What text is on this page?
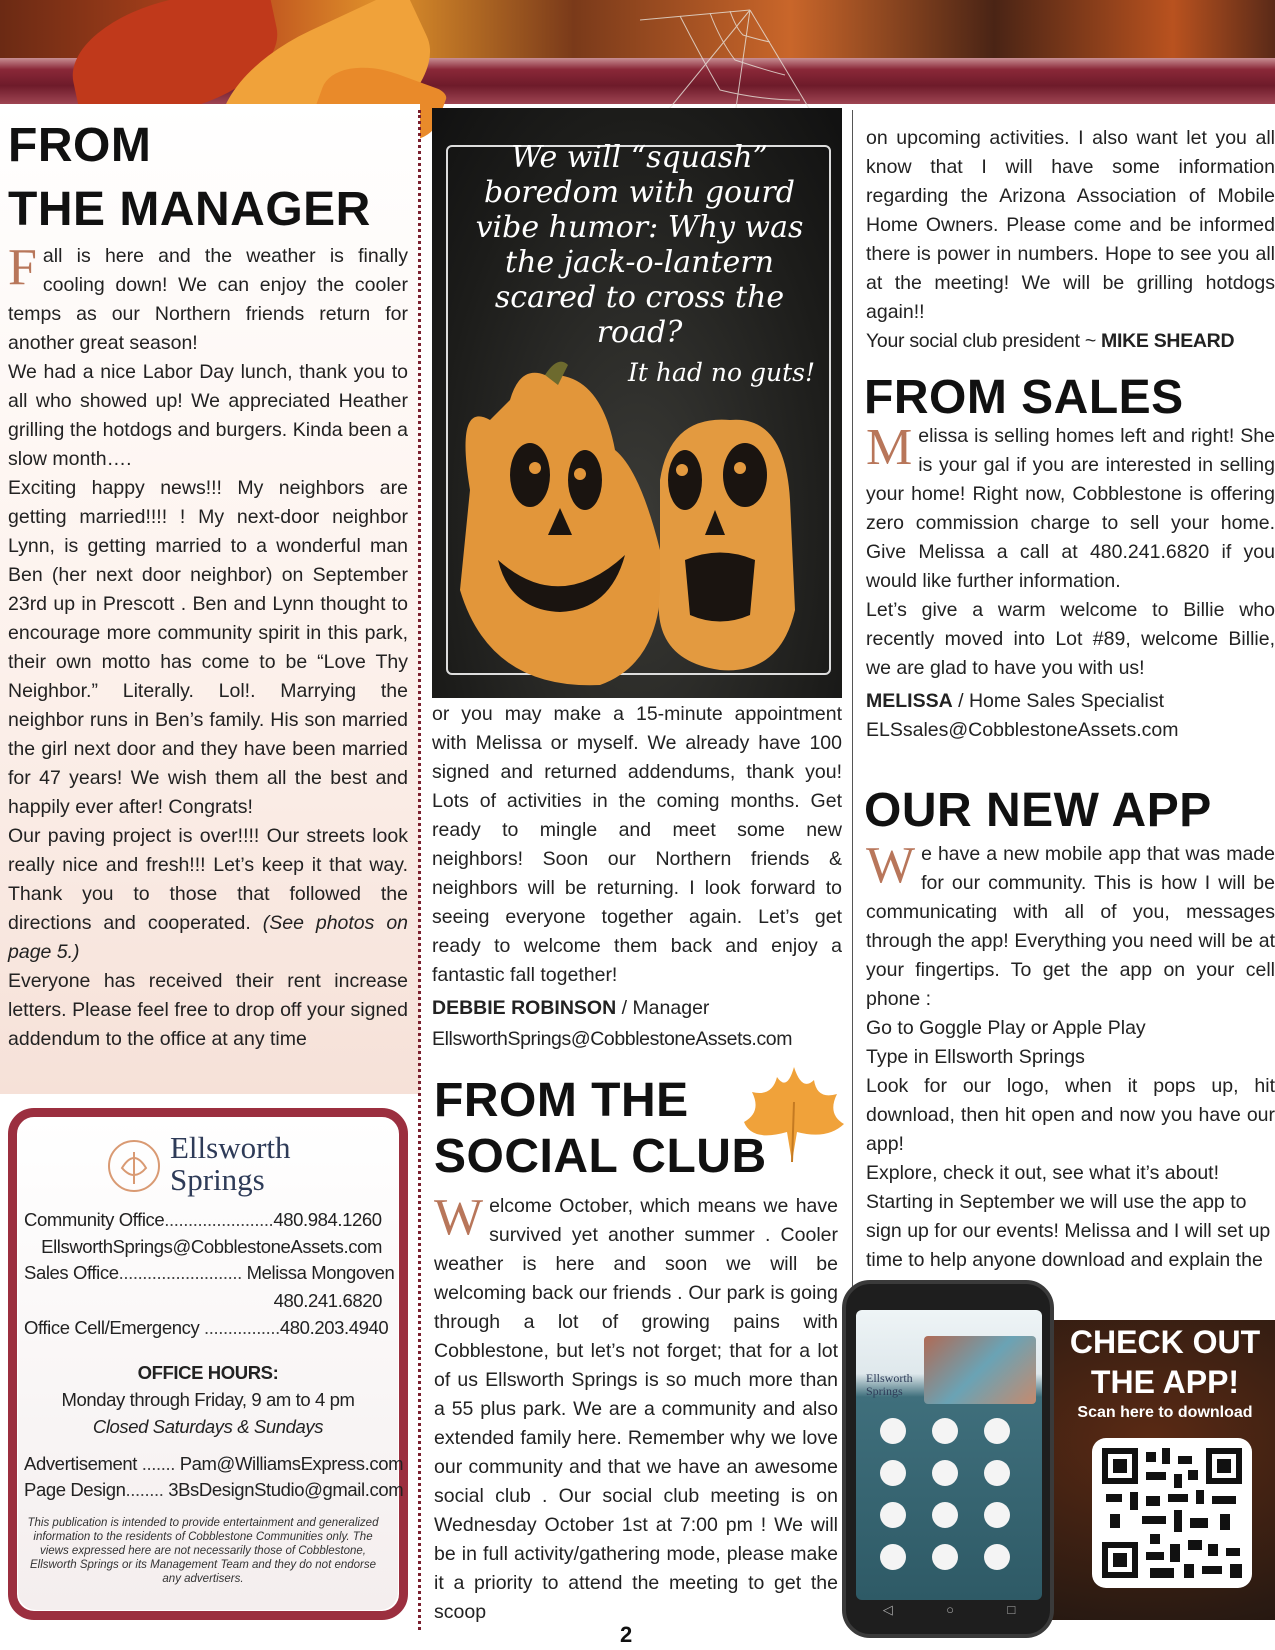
FROM
THE MANAGER

Fall is here and the weather is finally cooling down! We can enjoy the cooler temps as our Northern friends return for another great season!

We had a nice Labor Day lunch, thank you to all who showed up! We appreciated Heather grilling the hotdogs and burgers. Kinda been a slow month….

Exciting happy news!!! My neighbors are getting married!!!! ! My next-door neighbor Lynn, is getting married to a wonderful man Ben (her next door neighbor) on September 23rd up in Prescott . Ben and Lynn thought to encourage more community spirit in this park, their own motto has come to be “Love Thy Neighbor.” Literally. Lol!. Marrying the neighbor runs in Ben’s family. His son married the girl next door and they have been married for 47 years! We wish them all the best and happily ever after! Congrats!

Our paving project is over!!!! Our streets look really nice and fresh!!! Let’s keep it that way. Thank you to those that followed the directions and cooperated. (See photos on page 5.)

Everyone has received their rent increase letters. Please feel free to drop off your signed addendum to the office at any time

We will “squash” boredom with gourd vibe humor: Why was the jack-o-lantern scared to cross the road?
It had no guts!

or you may make a 15-minute appointment with Melissa or myself. We already have 100 signed and returned addendums, thank you! Lots of activities in the coming months. Get ready to mingle and meet some new neighbors! Soon our Northern friends & neighbors will be returning. I look forward to seeing everyone together again. Let’s get ready to welcome them back and enjoy a fantastic fall together!

DEBBIE ROBINSON / Manager

EllsworthSprings@CobblestoneAssets.com

Ellsworth
Springs
Community Office.......................480.984.1260
EllsworthSprings@CobblestoneAssets.com
Sales Office.......................... Melissa Mongoven
480.241.6820
Office Cell/Emergency ................480.203.4940
OFFICE HOURS:
Monday through Friday, 9 am to 4 pm
Closed Saturdays & Sundays
Advertisement ....... Pam@WilliamsExpress.com
Page Design........ 3BsDesignStudio@gmail.com
This publication is intended to provide entertainment and generalized information to the residents of Cobblestone Communities only. The views expressed here are not necessarily those of Cobblestone, Ellsworth Springs or its Management Team and they do not endorse any advertisers.
FROM THE
SOCIAL CLUB

Welcome October, which means we have survived yet another summer . Cooler weather is here and soon we will be welcoming back our friends . Our park is going through a lot of growing pains with Cobblestone, but let’s not forget; that for a lot of us Ellsworth Springs is so much more than a 55 plus park. We are a community and also extended family here. Remember why we love our community and that we have an awesome social club . Our social club meeting is on Wednesday October 1st at 7:00 pm ! We will be in full activity/gathering mode, please make it a priority to attend the meeting to get the scoop

on upcoming activities. I also want let you all know that I will have some information regarding the Arizona Association of Mobile Home Owners. Please come and be informed there is power in numbers. Hope to see you all at the meeting! We will be grilling hotdogs again!!

Your social club president ~ MIKE SHEARD

FROM SALES

Melissa is selling homes left and right! She is your gal if you are interested in selling your home! Right now, Cobblestone is offering zero commission charge to sell your home. Give Melissa a call at 480.241.6820 if you would like further information.

Let’s give a warm welcome to Billie who recently moved into Lot #89, welcome Billie, we are glad to have you with us!

MELISSA / Home Sales Specialist

ELSsales@CobblestoneAssets.com

OUR NEW APP

We have a new mobile app that was made for our community. This is how I will be communicating with all of you, messages through the app! Everything you need will be at your fingertips. To get the app on your cell phone :

Go to Goggle Play or Apple Play

Type in Ellsworth Springs

Look for our logo, when it pops up, hit download, then hit open and now you have our app!

Explore, check it out, see what it’s about!

Starting in September we will use the app to sign up for our events! Melissa and I will set up time to help anyone download and explain the

CHECK OUT
THE APP!
Scan here to download
Ellsworth Springs
◁	○	□
2
